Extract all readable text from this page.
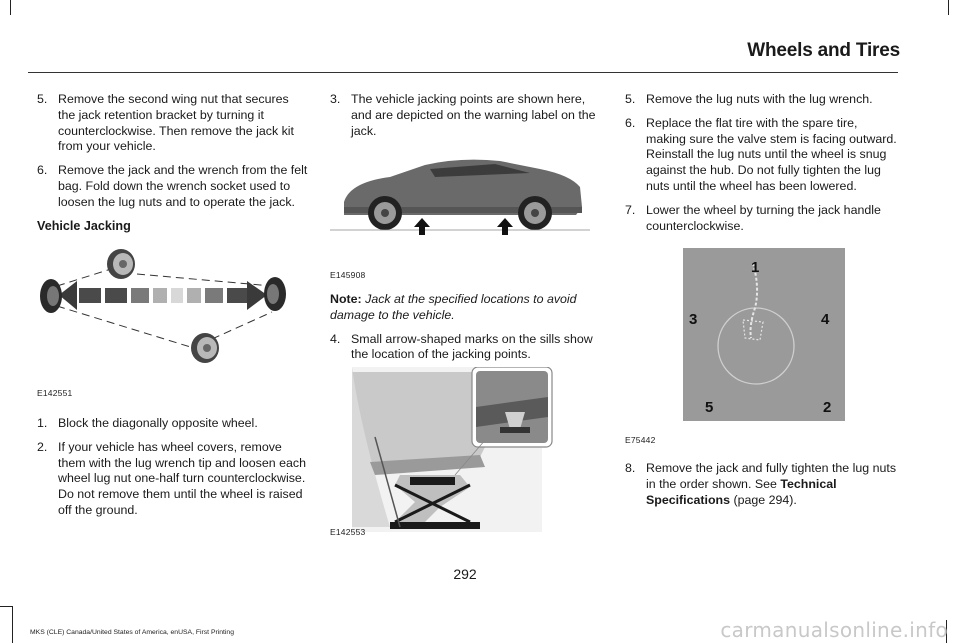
Wheels and Tires
5. Remove the second wing nut that secures the jack retention bracket by turning it counterclockwise. Then remove the jack kit from your vehicle.
6. Remove the jack and the wrench from the felt bag. Fold down the wrench socket used to loosen the lug nuts and to operate the jack.
Vehicle Jacking
E142551
1. Block the diagonally opposite wheel.
2. If your vehicle has wheel covers, remove them with the lug wrench tip and loosen each wheel lug nut one-half turn counterclockwise. Do not remove them until the wheel is raised off the ground.
3. The vehicle jacking points are shown here, and are depicted on the warning label on the jack.
E145908
Note: Jack at the specified locations to avoid damage to the vehicle.
4. Small arrow-shaped marks on the sills show the location of the jacking points.
E142553
5. Remove the lug nuts with the lug wrench.
6. Replace the flat tire with the spare tire, making sure the valve stem is facing outward. Reinstall the lug nuts until the wheel is snug against the hub. Do not fully tighten the lug nuts until the wheel has been lowered.
7. Lower the wheel by turning the jack handle counterclockwise.
1
2
3	4
5
E75442
8. Remove the jack and fully tighten the lug nuts in the order shown. See Technical Specifications (page 294).
292
MKS (CLE) Canada/United States of America, enUSA, First Printing	carmanualsonline.info
